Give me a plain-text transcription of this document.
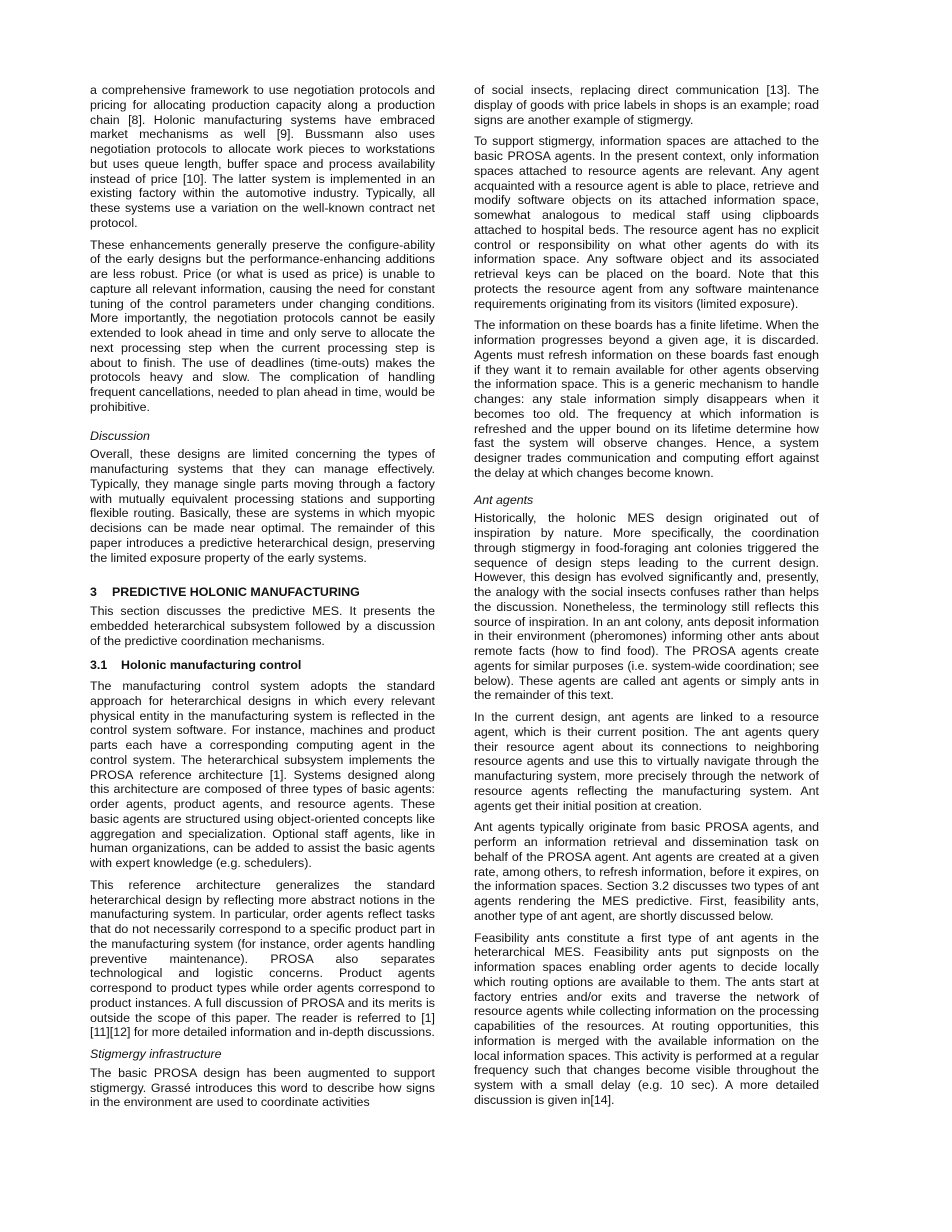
a comprehensive framework to use negotiation protocols and pricing for allocating production capacity along a production chain [8]. Holonic manufacturing systems have embraced market mechanisms as well [9]. Bussmann also uses negotiation protocols to allocate work pieces to workstations but uses queue length, buffer space and process availability instead of price [10]. The latter system is implemented in an existing factory within the automotive industry. Typically, all these systems use a variation on the well-known contract net protocol.

These enhancements generally preserve the configure-ability of the early designs but the performance-enhancing additions are less robust. Price (or what is used as price) is unable to capture all relevant information, causing the need for constant tuning of the control parameters under changing conditions. More importantly, the negotiation protocols cannot be easily extended to look ahead in time and only serve to allocate the next processing step when the current processing step is about to finish. The use of deadlines (time-outs) makes the protocols heavy and slow. The complication of handling frequent cancellations, needed to plan ahead in time, would be prohibitive.

Discussion

Overall, these designs are limited concerning the types of manufacturing systems that they can manage effectively. Typically, they manage single parts moving through a factory with mutually equivalent processing stations and supporting flexible routing. Basically, these are systems in which myopic decisions can be made near optimal. The remainder of this paper introduces a predictive heterarchical design, preserving the limited exposure property of the early systems.

3 PREDICTIVE HOLONIC MANUFACTURING

This section discusses the predictive MES. It presents the embedded heterarchical subsystem followed by a discussion of the predictive coordination mechanisms.

3.1 Holonic manufacturing control

The manufacturing control system adopts the standard approach for heterarchical designs in which every relevant physical entity in the manufacturing system is reflected in the control system software. For instance, machines and product parts each have a corresponding computing agent in the control system. The heterarchical subsystem implements the PROSA reference architecture [1]. Systems designed along this architecture are composed of three types of basic agents: order agents, product agents, and resource agents. These basic agents are structured using object-oriented concepts like aggregation and specialization. Optional staff agents, like in human organizations, can be added to assist the basic agents with expert knowledge (e.g. schedulers).

This reference architecture generalizes the standard heterarchical design by reflecting more abstract notions in the manufacturing system. In particular, order agents reflect tasks that do not necessarily correspond to a specific product part in the manufacturing system (for instance, order agents handling preventive maintenance). PROSA also separates technological and logistic concerns. Product agents correspond to product types while order agents correspond to product instances. A full discussion of PROSA and its merits is outside the scope of this paper. The reader is referred to [1][11][12] for more detailed information and in-depth discussions.

Stigmergy infrastructure

The basic PROSA design has been augmented to support stigmergy. Grassé introduces this word to describe how signs in the environment are used to coordinate activities

of social insects, replacing direct communication [13]. The display of goods with price labels in shops is an example; road signs are another example of stigmergy.

To support stigmergy, information spaces are attached to the basic PROSA agents. In the present context, only information spaces attached to resource agents are relevant. Any agent acquainted with a resource agent is able to place, retrieve and modify software objects on its attached information space, somewhat analogous to medical staff using clipboards attached to hospital beds. The resource agent has no explicit control or responsibility on what other agents do with its information space. Any software object and its associated retrieval keys can be placed on the board. Note that this protects the resource agent from any software maintenance requirements originating from its visitors (limited exposure).

The information on these boards has a finite lifetime. When the information progresses beyond a given age, it is discarded. Agents must refresh information on these boards fast enough if they want it to remain available for other agents observing the information space. This is a generic mechanism to handle changes: any stale information simply disappears when it becomes too old. The frequency at which information is refreshed and the upper bound on its lifetime determine how fast the system will observe changes. Hence, a system designer trades communication and computing effort against the delay at which changes become known.

Ant agents

Historically, the holonic MES design originated out of inspiration by nature. More specifically, the coordination through stigmergy in food-foraging ant colonies triggered the sequence of design steps leading to the current design. However, this design has evolved significantly and, presently, the analogy with the social insects confuses rather than helps the discussion. Nonetheless, the terminology still reflects this source of inspiration. In an ant colony, ants deposit information in their environment (pheromones) informing other ants about remote facts (how to find food). The PROSA agents create agents for similar purposes (i.e. system-wide coordination; see below). These agents are called ant agents or simply ants in the remainder of this text.

In the current design, ant agents are linked to a resource agent, which is their current position. The ant agents query their resource agent about its connections to neighboring resource agents and use this to virtually navigate through the manufacturing system, more precisely through the network of resource agents reflecting the manufacturing system. Ant agents get their initial position at creation.

Ant agents typically originate from basic PROSA agents, and perform an information retrieval and dissemination task on behalf of the PROSA agent. Ant agents are created at a given rate, among others, to refresh information, before it expires, on the information spaces. Section 3.2 discusses two types of ant agents rendering the MES predictive. First, feasibility ants, another type of ant agent, are shortly discussed below.

Feasibility ants constitute a first type of ant agents in the heterarchical MES. Feasibility ants put signposts on the information spaces enabling order agents to decide locally which routing options are available to them. The ants start at factory entries and/or exits and traverse the network of resource agents while collecting information on the processing capabilities of the resources. At routing opportunities, this information is merged with the available information on the local information spaces. This activity is performed at a regular frequency such that changes become visible throughout the system with a small delay (e.g. 10 sec). A more detailed discussion is given in[14].
